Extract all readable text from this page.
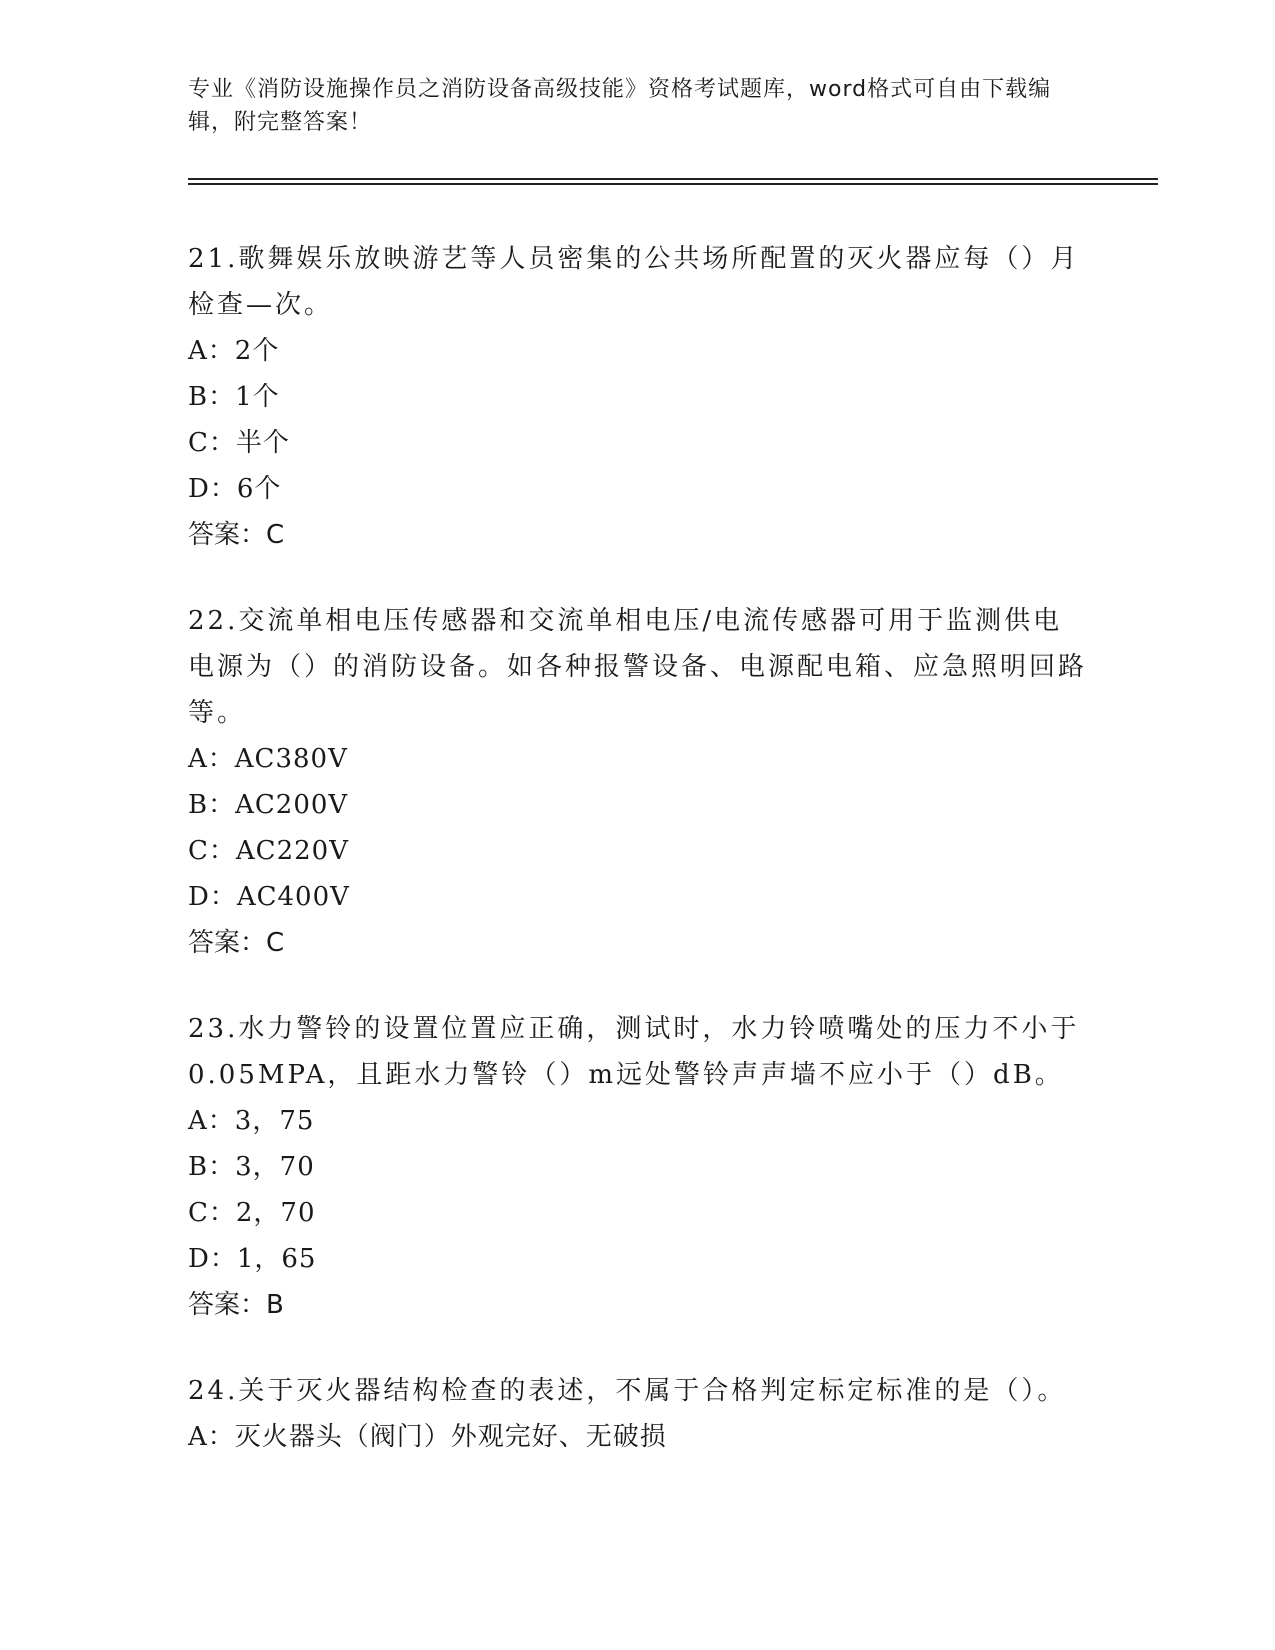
专业《消防设施操作员之消防设备高级技能》资格考试题库，word格式可自由下载编辑，附完整答案！

21.歌舞娱乐放映游艺等人员密集的公共场所配置的灭火器应每（）月检查—次。

A：2个

B：1个

C：半个

D：6个

答案：C

22.交流单相电压传感器和交流单相电压/电流传感器可用于监测供电电源为（）的消防设备。如各种报警设备、电源配电箱、应急照明回路等。

A：AC380V

B：AC200V

C：AC220V

D：AC400V

答案：C

23.水力警铃的设置位置应正确，测试时，水力铃喷嘴处的压力不小于0.05MPA，且距水力警铃（）m远处警铃声声墙不应小于（）dB。

A：3，75

B：3，70

C：2，70

D：1，65

答案：B

24.关于灭火器结构检查的表述，不属于合格判定标定标准的是（）。

A：灭火器头（阀门）外观完好、无破损
